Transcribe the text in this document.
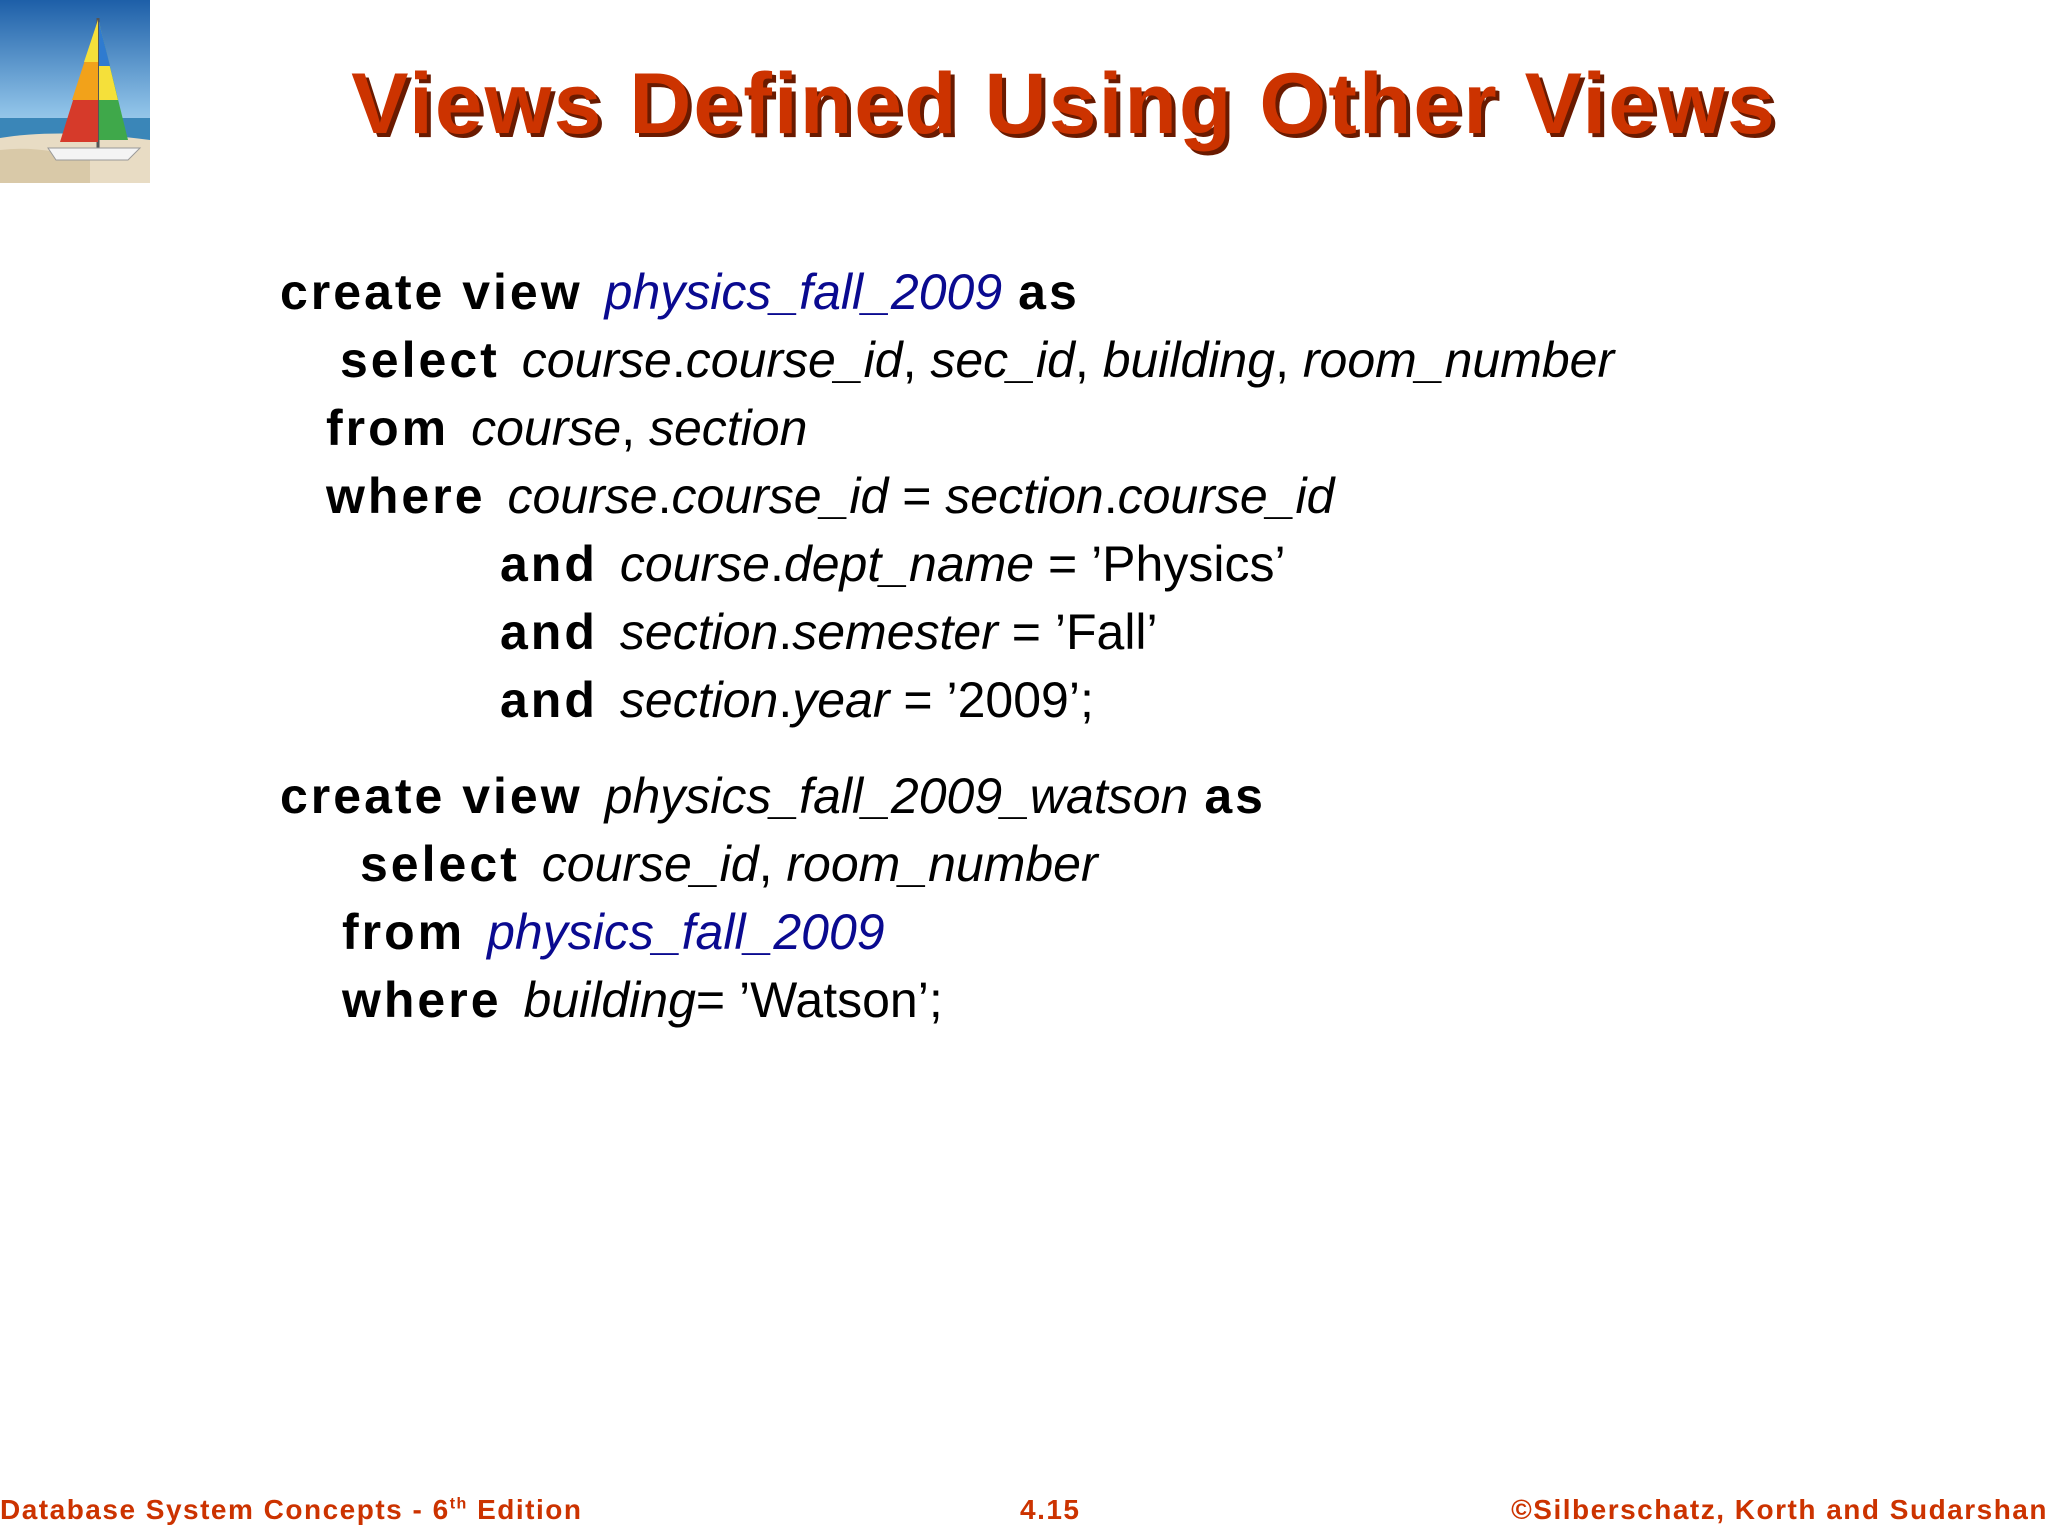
Views Defined Using Other Views
create view physics_fall_2009 as
select course.course_id, sec_id, building, room_number
from course, section
where course.course_id = section.course_id
and course.dept_name = ’Physics’
and section.semester = ’Fall’
and section.year = ’2009’;
create view physics_fall_2009_watson as
select course_id, room_number
from physics_fall_2009
where building= ’Watson’;
Database System Concepts - 6th Edition	4.15	©Silberschatz, Korth and Sudarshan
